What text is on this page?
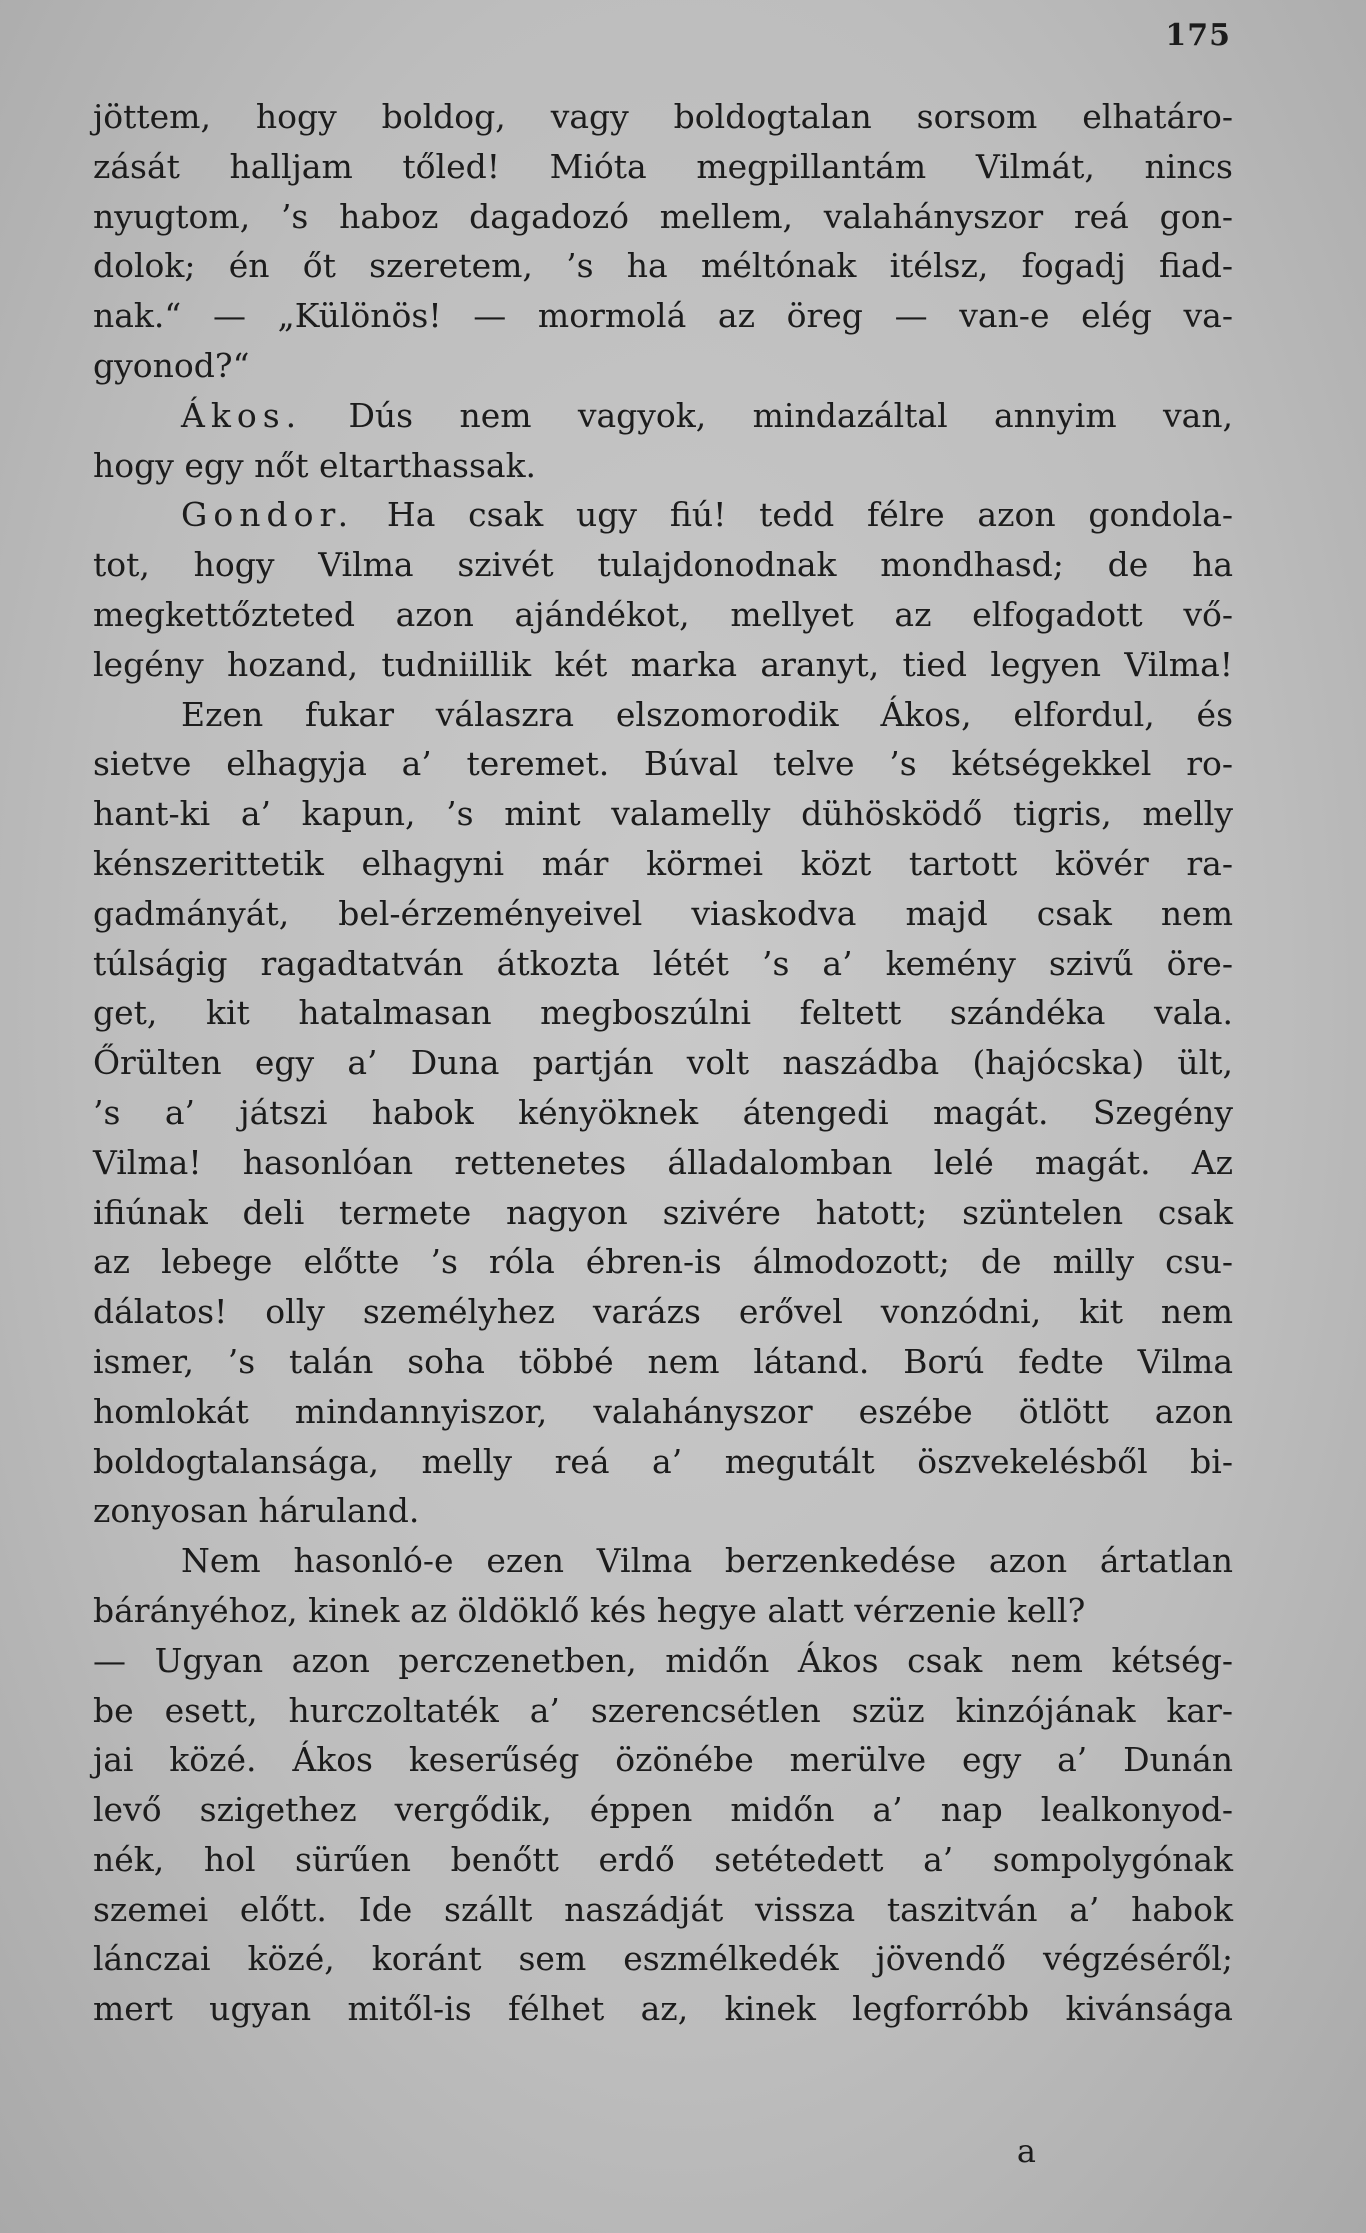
175
jöttem, hogy boldog, vagy boldogtalan sorsom elhatáro-
zását halljam tőled! Mióta megpillantám Vilmát, nincs
nyugtom, ’s haboz dagadozó mellem, valahányszor reá gon-
dolok; én őt szeretem, ’s ha méltónak itélsz, fogadj fiad-
nak.“ — „Különös! — mormolá az öreg — van-e elég va-
gyonod?“
Ákos. Dús nem vagyok, mindazáltal annyim van,
hogy egy nőt eltarthassak.
Gondor. Ha csak ugy fiú! tedd félre azon gondola-
tot, hogy Vilma szivét tulajdonodnak mondhasd; de ha
megkettőzteted azon ajándékot, mellyet az elfogadott vő-
legény hozand, tudniillik két marka aranyt, tied legyen Vilma!
Ezen fukar válaszra elszomorodik Ákos, elfordul, és
sietve elhagyja a’ teremet. Búval telve ’s kétségekkel ro-
hant-ki a’ kapun, ’s mint valamelly dühösködő tigris, melly
kénszerittetik elhagyni már körmei közt tartott kövér ra-
gadmányát, bel-érzeményeivel viaskodva majd csak nem
túlságig ragadtatván átkozta létét ’s a’ kemény szivű öre-
get, kit hatalmasan megboszúlni feltett szándéka vala.
Őrülten egy a’ Duna partján volt naszádba (hajócska) ült,
’s a’ játszi habok kényöknek átengedi magát. Szegény
Vilma! hasonlóan rettenetes álladalomban lelé magát. Az
ifiúnak deli termete nagyon szivére hatott; szüntelen csak
az lebege előtte ’s róla ébren-is álmodozott; de milly csu-
dálatos! olly személyhez varázs erővel vonzódni, kit nem
ismer, ’s talán soha többé nem látand. Ború fedte Vilma
homlokát mindannyiszor, valahányszor eszébe ötlött azon
boldogtalansága, melly reá a’ megutált öszvekelésből bi-
zonyosan háruland.
Nem hasonló-e ezen Vilma berzenkedése azon ártatlan
bárányéhoz, kinek az öldöklő kés hegye alatt vérzenie kell?
— Ugyan azon perczenetben, midőn Ákos csak nem kétség-
be esett, hurczoltaték a’ szerencsétlen szüz kinzójának kar-
jai közé. Ákos keserűség özönébe merülve egy a’ Dunán
levő szigethez vergődik, éppen midőn a’ nap lealkonyod-
nék, hol sürűen benőtt erdő setétedett a’ sompolygónak
szemei előtt. Ide szállt naszádját vissza taszitván a’ habok
lánczai közé, koránt sem eszmélkedék jövendő végzéséről;
mert ugyan mitől-is félhet az, kinek legforróbb kivánsága
a
